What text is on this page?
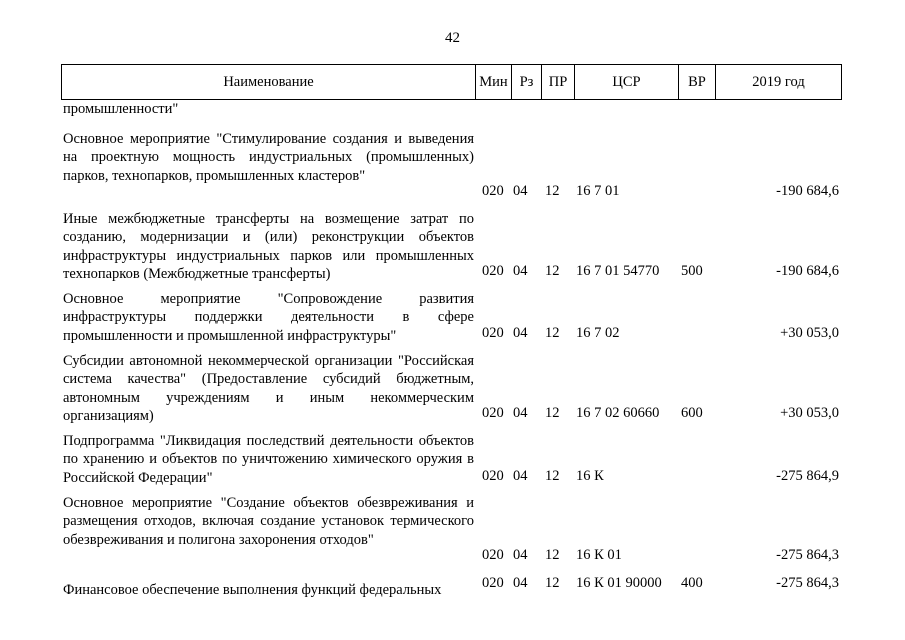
42
Наименование	Мин Рз	ПР	ЦСР	ВР	2019 год
промышленности"
Основное мероприятие "Стимулирование создания и выведения на проектную мощность индустриальных (промышленных) парков, технопарков, промышленных кластеров"
020 04 12 16 7 01	-190 684,6
Иные межбюджетные трансферты на возмещение затрат по созданию, модернизации и (или) реконструкции объектов инфраструктуры индустриальных парков или промышленных технопарков (Межбюджетные трансферты)	020 04 12 16 7 01 54770 500	-190 684,6
Основное мероприятие "Сопровождение развития инфраструктуры поддержки деятельности в сфере промышленности и промышленной инфраструктуры"	020 04 12 16 7 02	+30 053,0
Субсидии автономной некоммерческой организации "Российская система качества" (Предоставление субсидий бюджетным, автономным учреждениям и иным некоммерческим организациям)	020 04 12 16 7 02 60660 600	+30 053,0
Подпрограмма "Ликвидация последствий деятельности объектов по хранению и объектов по уничтожению химического оружия в Российской Федерации"	020 04 12 16 К	-275 864,9
Основное мероприятие "Создание объектов обезвреживания и размещения отходов, включая создание установок термического обезвреживания и полигона захоронения отходов"
020 04 12 16 К 01	-275 864,3
Финансовое обеспечение выполнения функций федеральных	020 04 12 16 К 01 90000 400	-275 864,3
